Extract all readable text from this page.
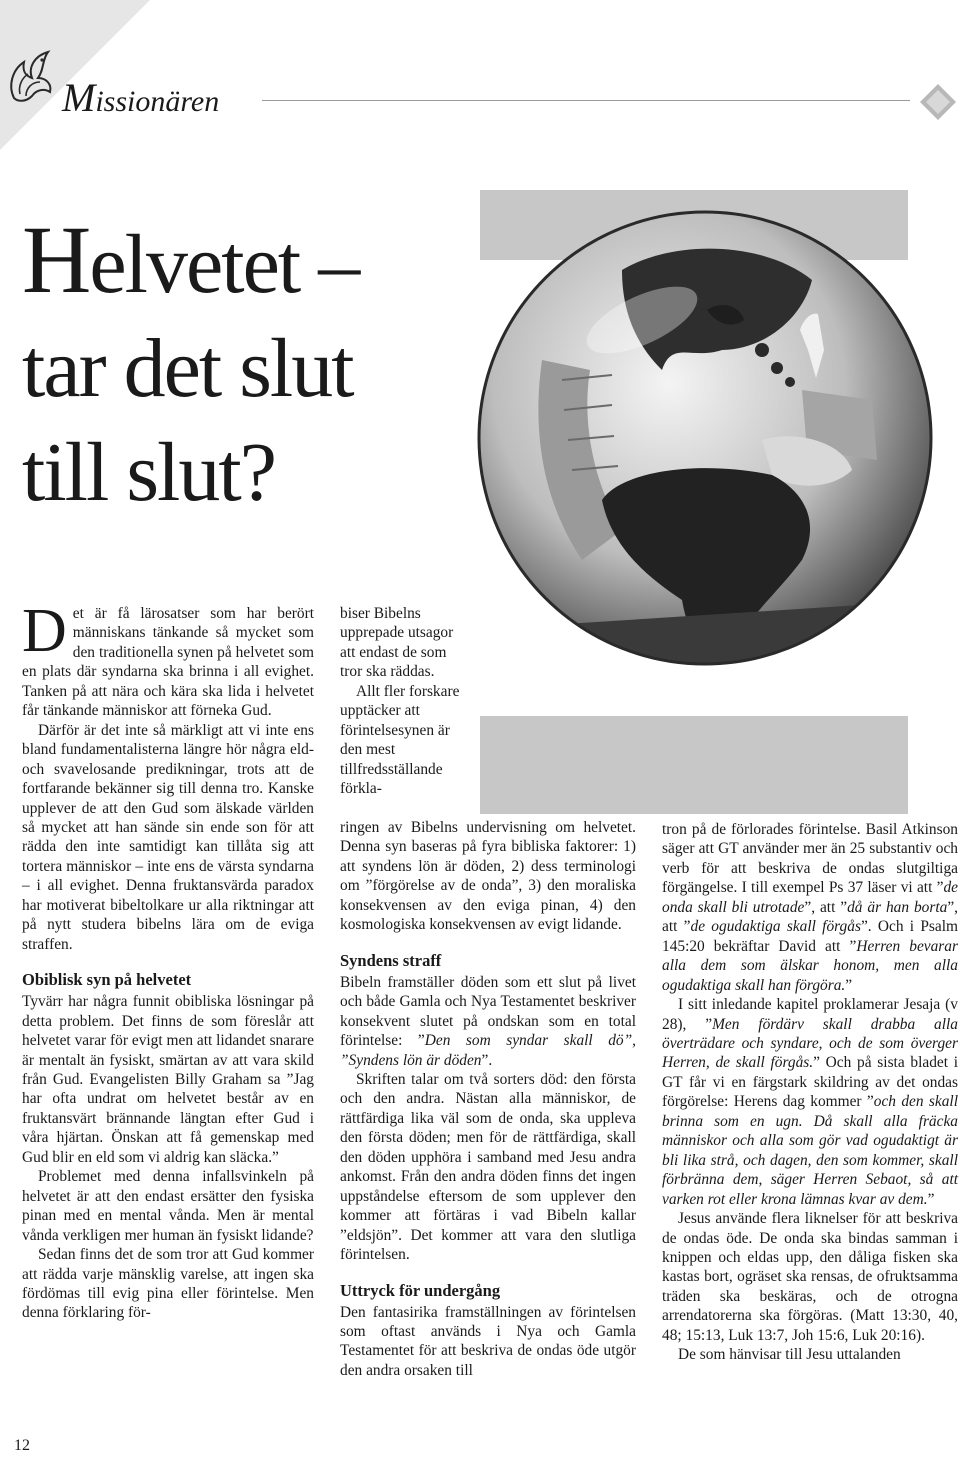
Missionären
Helvetet –
tar det slut
till slut?

Det är få lärosatser som har berört människans tänkande så mycket som den traditionella synen på helvetet som en plats där syndarna ska brinna i all evighet. Tanken på att nära och kära ska lida i helvetet får tänkande människor att förneka Gud.

Därför är det inte så märkligt att vi inte ens bland fundamentalisterna längre hör några eld- och svavelosande predikningar, trots att de fortfarande bekänner sig till denna tro. Kanske upplever de att den Gud som älskade världen så mycket att han sände sin ende son för att rädda den inte samtidigt kan tillåta sig att tortera människor – inte ens de värsta syndarna – i all evighet. Denna fruktansvärda paradox har motiverat bibeltolkare ur alla riktningar att på nytt studera bibelns lära om de eviga straffen.

Obiblisk syn på helvetet

Tyvärr har några funnit obibliska lösningar på detta problem. Det finns de som föreslår att helvetet varar för evigt men att lidandet snarare är mentalt än fysiskt, smärtan av att vara skild från Gud. Evangelisten Billy Graham sa ”Jag har ofta undrat om helvetet består av en fruktansvärt brännande längtan efter Gud i våra hjärtan. Önskan att få gemenskap med Gud blir en eld som vi aldrig kan släcka.”

Problemet med denna infallsvinkeln på helvetet är att den endast ersätter den fysiska pinan med en mental vånda. Men är mental vånda verkligen mer human än fysiskt lidande?

Sedan finns det de som tror att Gud kommer att rädda varje mänsklig varelse, att ingen ska fördömas till evig pina eller förintelse. Men denna förklaring för-

biser Bibelns upprepade utsagor att endast de som tror ska räddas.

Allt fler forskare upptäcker att förintelsesynen är den mest tillfredsställande förkla-

ringen av Bibelns undervisning om helvetet. Denna syn baseras på fyra bibliska faktorer: 1) att syndens lön är döden, 2) dess terminologi om ”förgörelse av de onda”, 3) den moraliska konsekvensen av den eviga pinan, 4) den kosmologiska konsekvensen av evigt lidande.

Syndens straff

Bibeln framställer döden som ett slut på livet och både Gamla och Nya Testamentet beskriver konsekvent slutet på ondskan som en total förintelse: ”Den som syndar skall dö”, ”Syndens lön är döden”.

Skriften talar om två sorters död: den första och den andra. Nästan alla människor, de rättfärdiga lika väl som de onda, ska uppleva den första döden; men för de rättfärdiga, skall den döden upphöra i samband med Jesu andra ankomst. Från den andra döden finns det ingen uppståndelse eftersom de som upplever den kommer att förtäras i vad Bibeln kallar ”eldsjön”. Det kommer att vara den slutliga förintelsen.

Uttryck för undergång

Den fantasirika framställningen av förintelsen som oftast används i Nya och Gamla Testamentet för att beskriva de ondas öde utgör den andra orsaken till

tron på de förlorades förintelse. Basil Atkinson säger att GT använder mer än 25 substantiv och verb för att beskriva de ondas slutgiltiga förgängelse. I till exempel Ps 37 läser vi att ”de onda skall bli utrotade”, att ”då är han borta”, att ”de ogudaktiga skall förgås”. Och i Psalm 145:20 bekräftar David att ”Herren bevarar alla dem som älskar honom, men alla ogudaktiga skall han förgöra.”

I sitt inledande kapitel proklamerar Jesaja (v 28), ”Men fördärv skall drabba alla överträdare och syndare, och de som överger Herren, de skall förgås.” Och på sista bladet i GT får vi en färgstark skildring av det ondas förgörelse: Herens dag kommer ”och den skall brinna som en ugn. Då skall alla fräcka människor och alla som gör vad ogudaktigt är bli lika strå, och dagen, den som kommer, skall förbränna dem, säger Herren Sebaot, så att varken rot eller krona lämnas kvar av dem.”

Jesus använde flera liknelser för att beskriva de ondas öde. De onda ska bindas samman i knippen och eldas upp, den dåliga fisken ska kastas bort, ogräset ska rensas, de ofruktsamma träden ska beskäras, och de otrogna arrendatorerna ska förgöras. (Matt 13:30, 40, 48; 15:13, Luk 13:7, Joh 15:6, Luk 20:16).

De som hänvisar till Jesu uttalanden

12
